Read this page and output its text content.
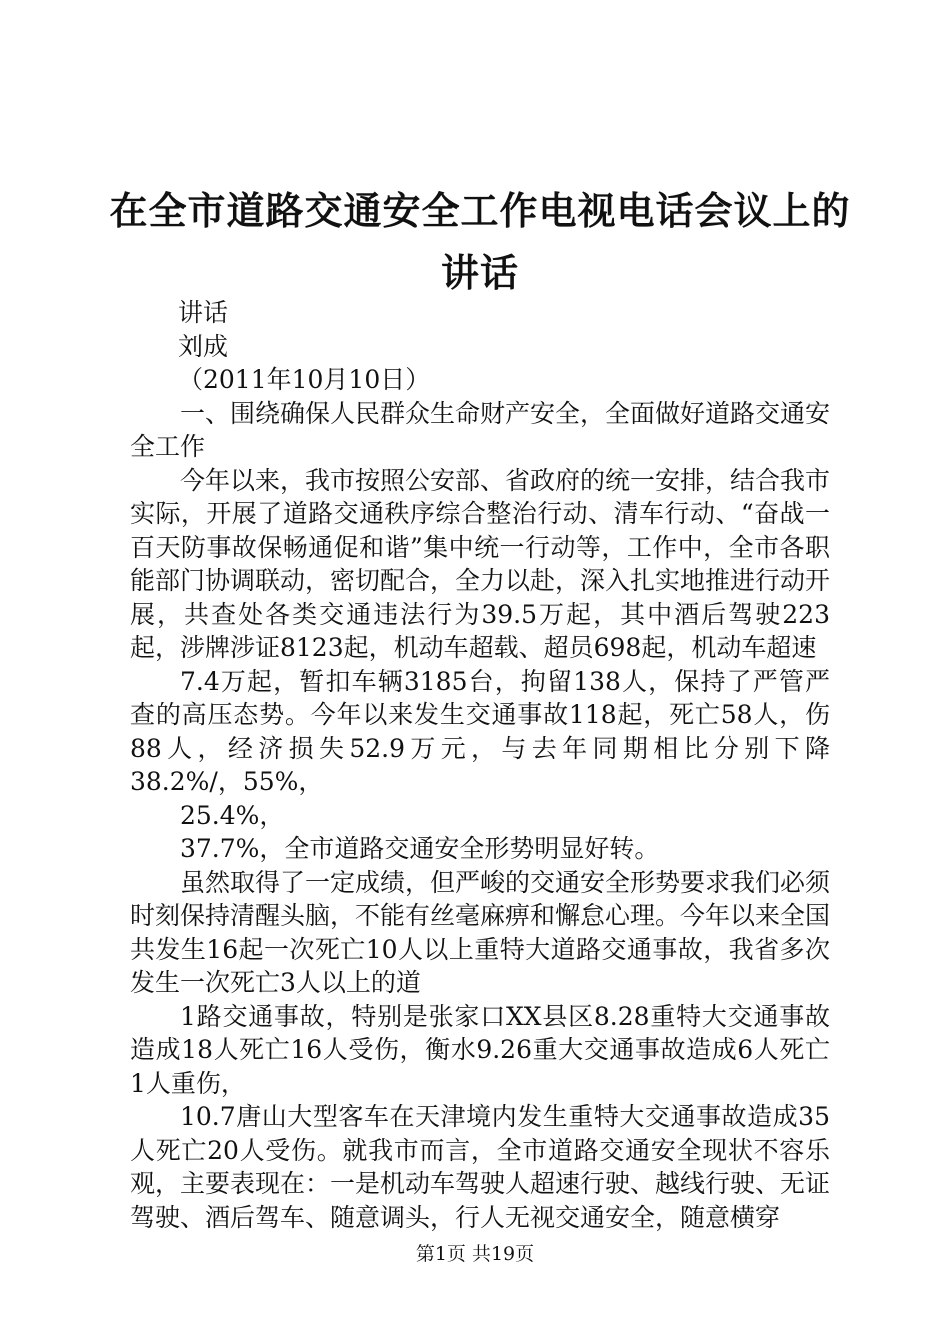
在全市道路交通安全工作电视电话会议上的讲话

讲话

刘成

（2011年10月10日）

一、围绕确保人民群众生命财产安全，全面做好道路交通安全工作

今年以来，我市按照公安部、省政府的统一安排，结合我市实际，开展了道路交通秩序综合整治行动、清车行动、“奋战一百天防事故保畅通促和谐”集中统一行动等，工作中，全市各职能部门协调联动，密切配合，全力以赴，深入扎实地推进行动开展，共查处各类交通违法行为39.5万起，其中酒后驾驶223起，涉牌涉证8123起，机动车超载、超员698起，机动车超速

7.4万起，暂扣车辆3185台，拘留138人，保持了严管严查的高压态势。今年以来发生交通事故118起，死亡58人，伤88人，经济损失52.9万元，与去年同期相比分别下降38.2%/，55%，

25.4%，

37.7%，全市道路交通安全形势明显好转。

虽然取得了一定成绩，但严峻的交通安全形势要求我们必须时刻保持清醒头脑，不能有丝毫麻痹和懈怠心理。今年以来全国共发生16起一次死亡10人以上重特大道路交通事故，我省多次发生一次死亡3人以上的道

1路交通事故，特别是张家口XX县区8.28重特大交通事故造成18人死亡16人受伤，衡水9.26重大交通事故造成6人死亡1人重伤，

10.7唐山大型客车在天津境内发生重特大交通事故造成35人死亡20人受伤。就我市而言，全市道路交通安全现状不容乐观，主要表现在：一是机动车驾驶人超速行驶、越线行驶、无证驾驶、酒后驾车、随意调头，行人无视交通安全，随意横穿

第1页 共19页
